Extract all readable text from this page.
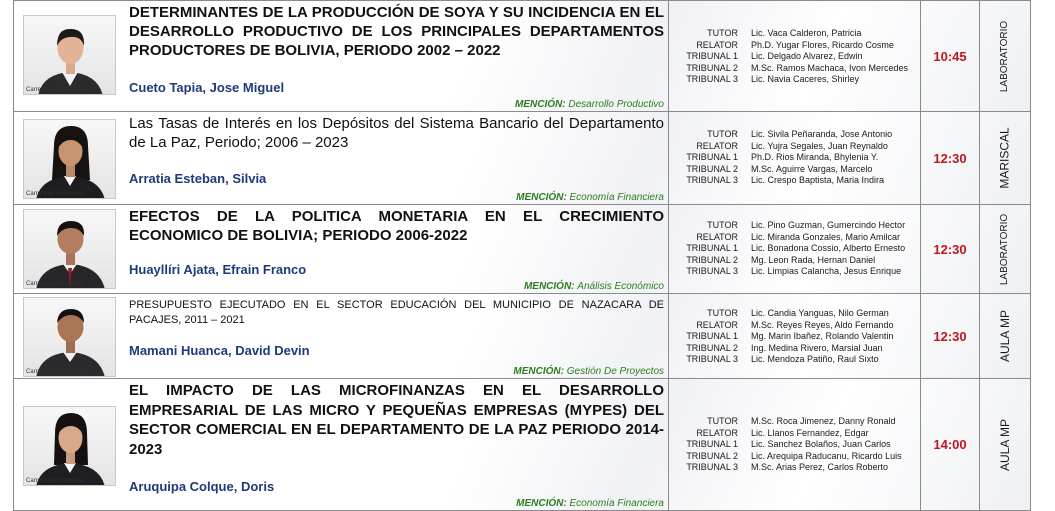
Carrera de Economía
DETERMINANTES DE LA PRODUCCIÓN DE SOYA Y SU INCIDENCIA EN EL DESARROLLO PRODUCTIVO DE LOS PRINCIPALES DEPARTAMENTOS PRODUCTORES DE BOLIVIA, PERIODO 2002 – 2022
Cueto Tapia, Jose Miguel
MENCIÓN: Desarrollo Productivo
TUTOR Lic. Vaca Calderon, Patricia
RELATOR Ph.D. Yugar Flores, Ricardo Cosme
TRIBUNAL 1 Lic. Delgado Alvarez, Edwin
TRIBUNAL 2 M.Sc. Ramos Machaca, Ivon Mercedes
TRIBUNAL 3 Lic. Navia Caceres, Shirley
10:45	LABORATORIO
Carrera de Economía
Las Tasas de Interés en los Depósitos del Sistema Bancario del Departamento de La Paz, Periodo; 2006 – 2023
Arratia Esteban, Silvia
MENCIÓN: Economía Financiera
TUTOR Lic. Sivila Peñaranda, Jose Antonio
RELATOR Lic. Yujra Segales, Juan Reynaldo
TRIBUNAL 1 Ph.D. Rios Miranda, Bhylenia Y.
TRIBUNAL 2 M.Sc. Aguirre Vargas, Marcelo
TRIBUNAL 3 Lic. Crespo Baptista, Maria Indira
12:30	MARISCAL
Carrera de Economía
EFECTOS DE LA POLITICA MONETARIA EN EL CRECIMIENTO ECONOMICO DE BOLIVIA; PERIODO 2006-2022
Huayllíri Ajata, Efrain Franco
MENCIÓN: Análisis Económico
TUTOR Lic. Pino Guzman, Gumercindo Hector
RELATOR Lic. Miranda Gonzales, Mario Amilcar
TRIBUNAL 1 Lic. Bonadona Cossio, Alberto Ernesto
TRIBUNAL 2 Mg. Leon Rada, Hernan Daniel
TRIBUNAL 3 Lic. Limpias Calancha, Jesus Enrique
12:30	LABORATORIO
Carrera de Economía
PRESUPUESTO EJECUTADO EN EL SECTOR EDUCACIÓN DEL MUNICIPIO DE NAZACARA DE PACAJES, 2011 – 2021
Mamani Huanca, David Devin
MENCIÓN: Gestión De Proyectos
TUTOR Lic. Candia Yanguas, Nilo German
RELATOR M.Sc. Reyes Reyes, Aldo Fernando
TRIBUNAL 1 Mg. Marin Ibañez, Rolando Valentin
TRIBUNAL 2 Ing. Medina Rivero, Marsial Juan
TRIBUNAL 3 Lic. Mendoza Patiño, Raul Sixto
12:30	AULA MP
Carrera de Economía
EL IMPACTO DE LAS MICROFINANZAS EN EL DESARROLLO EMPRESARIAL DE LAS MICRO Y PEQUEÑAS EMPRESAS (MYPES) DEL SECTOR COMERCIAL EN EL DEPARTAMENTO DE LA PAZ PERIODO 2014-2023
Aruquipa Colque, Doris
MENCIÓN: Economía Financiera
TUTOR M.Sc. Roca Jimenez, Danny Ronald
RELATOR Lic. Llanos Fernandez, Edgar
TRIBUNAL 1 Lic. Sanchez Bolaños, Juan Carlos
TRIBUNAL 2 Lic. Arequipa Raducanu, Ricardo Luis
TRIBUNAL 3 M.Sc. Arias Perez, Carlos Roberto
14:00	AULA MP
